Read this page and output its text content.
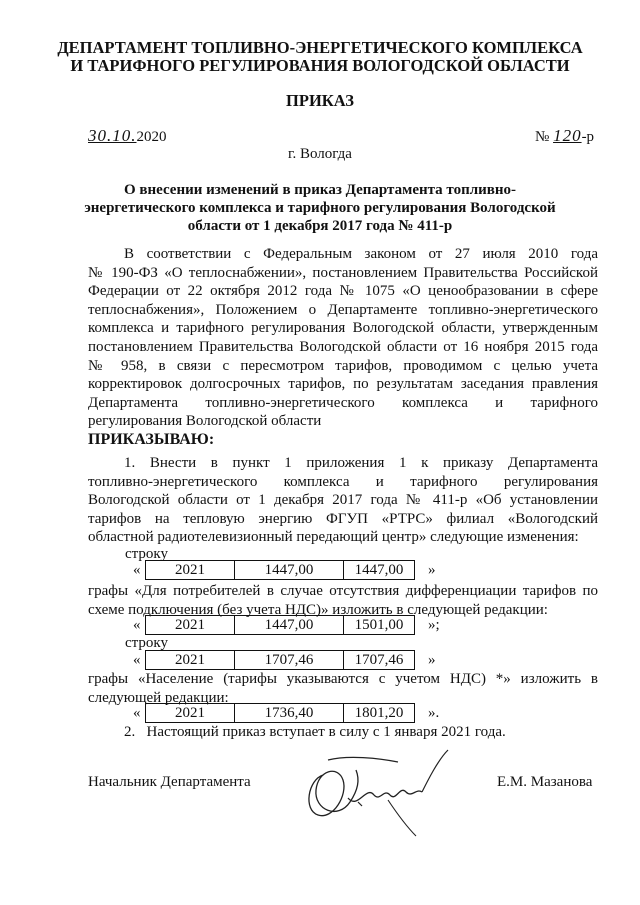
ДЕПАРТАМЕНТ ТОПЛИВНО-ЭНЕРГЕТИЧЕСКОГО КОМПЛЕКСА
И ТАРИФНОГО РЕГУЛИРОВАНИЯ ВОЛОГОДСКОЙ ОБЛАСТИ
ПРИКАЗ
30.10.2020	№ 120-р
г. Вологда
О внесении изменений в приказ Департамента топливно-
энергетического комплекса и тарифного регулирования Вологодской
области от 1 декабря 2017 года № 411-р
В соответствии с Федеральным законом от 27 июля 2010 года
№ 190-ФЗ «О теплоснабжении», постановлением Правительства Российской
Федерации от 22 октября 2012 года № 1075 «О ценообразовании в сфере
теплоснабжения», Положением о Департаменте топливно-энергетического
комплекса и тарифного регулирования Вологодской области, утвержденным
постановлением Правительства Вологодской области от 16 ноября 2015 года
№ 958, в связи с пересмотром тарифов, проводимом с целью учета
корректировок долгосрочных тарифов, по результатам заседания правления
Департамента топливно-энергетического комплекса и тарифного
регулирования Вологодской области
ПРИКАЗЫВАЮ:
1. Внести в пункт 1 приложения 1 к приказу Департамента
топливно-энергетического комплекса и тарифного регулирования
Вологодской области от 1 декабря 2017 года № 411-р «Об установлении
тарифов на тепловую энергию ФГУП «РТРС» филиал «Вологодский
областной радиотелевизионный передающий центр» следующие изменения:
строку
« 2021	1447,00	1447,00 »
графы «Для потребителей в случае отсутствия дифференциации тарифов по
схеме подключения (без учета НДС)» изложить в следующей редакции:
« 2021	1447,00	1501,00 »;
строку
« 2021	1707,46	1707,46 »
графы «Население (тарифы указываются с учетом НДС) *» изложить в
следующей редакции:
« 2021	1736,40	1801,20 ».
2.   Настоящий приказ вступает в силу с 1 января 2021 года.
Начальник Департамента	Е.М. Мазанова
